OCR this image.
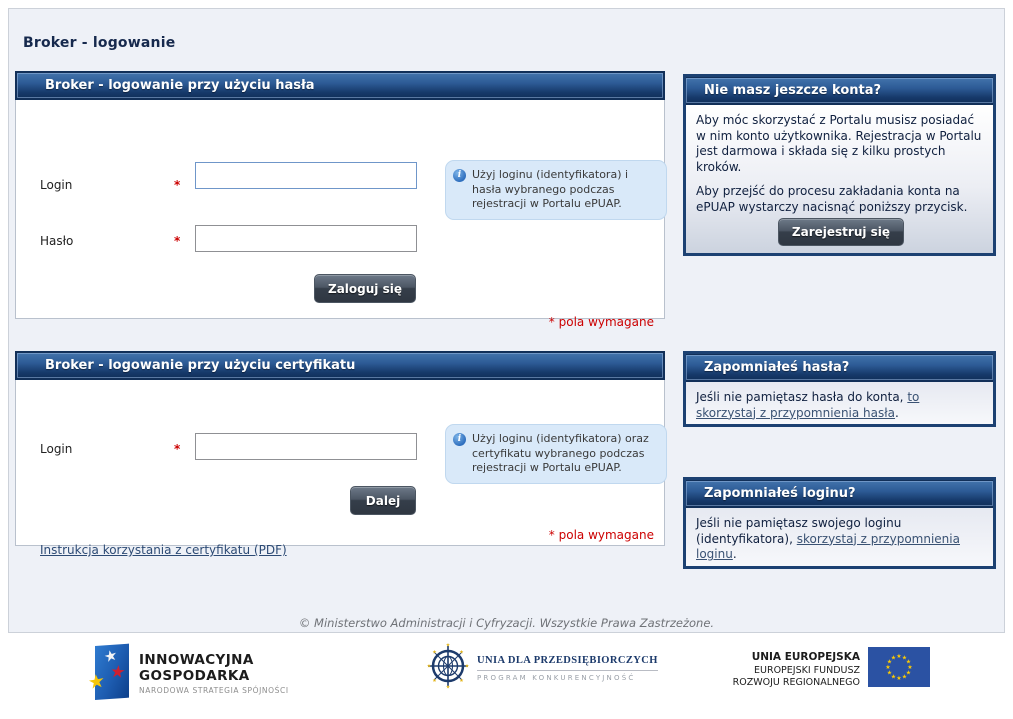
Broker - logowanie
Broker - logowanie przy użyciu hasła
Login	*
Hasło	*
i Użyj loginu (identyfikatora) i hasła wybranego podczas rejestracji w Portalu ePUAP.
Zaloguj się
* pola wymagane
Broker - logowanie przy użyciu certyfikatu
Login	*
i Użyj loginu (identyfikatora) oraz certyfikatu wybranego podczas rejestracji w Portalu ePUAP.
Dalej
* pola wymagane
Instrukcja korzystania z certyfikatu (PDF)
Nie masz jeszcze konta?

Aby móc skorzystać z Portalu musisz posiadać w nim konto użytkownika. Rejestracja w Portalu jest darmowa i składa się z kilku prostych kroków.

Aby przejść do procesu zakładania konta na ePUAP wystarczy nacisnąć poniższy przycisk.

Zarejestruj się
Zapomniałeś hasła?
Jeśli nie pamiętasz hasła do konta, to skorzystaj z przypomnienia hasła.
Zapomniałeś loginu?
Jeśli nie pamiętasz swojego loginu (identyfikatora), skorzystaj z przypomnienia loginu.
© Ministerstwo Administracji i Cyfryzacji. Wszystkie Prawa Zastrzeżone.
★
★
★
INNOWACYJNA
GOSPODARKA
NARODOWA STRATEGIA SPÓJNOŚCI
★
★
★
★
★
★
★
★
UNIA DLA PRZEDSIĘBIORCZYCH
PROGRAM KONKURENCYJNOŚĆ
UNIA EUROPEJSKA
EUROPEJSKI FUNDUSZ
ROZWOJU REGIONALNEGO
★ ★
★
★
★
★
★
★
★
★
★
★
